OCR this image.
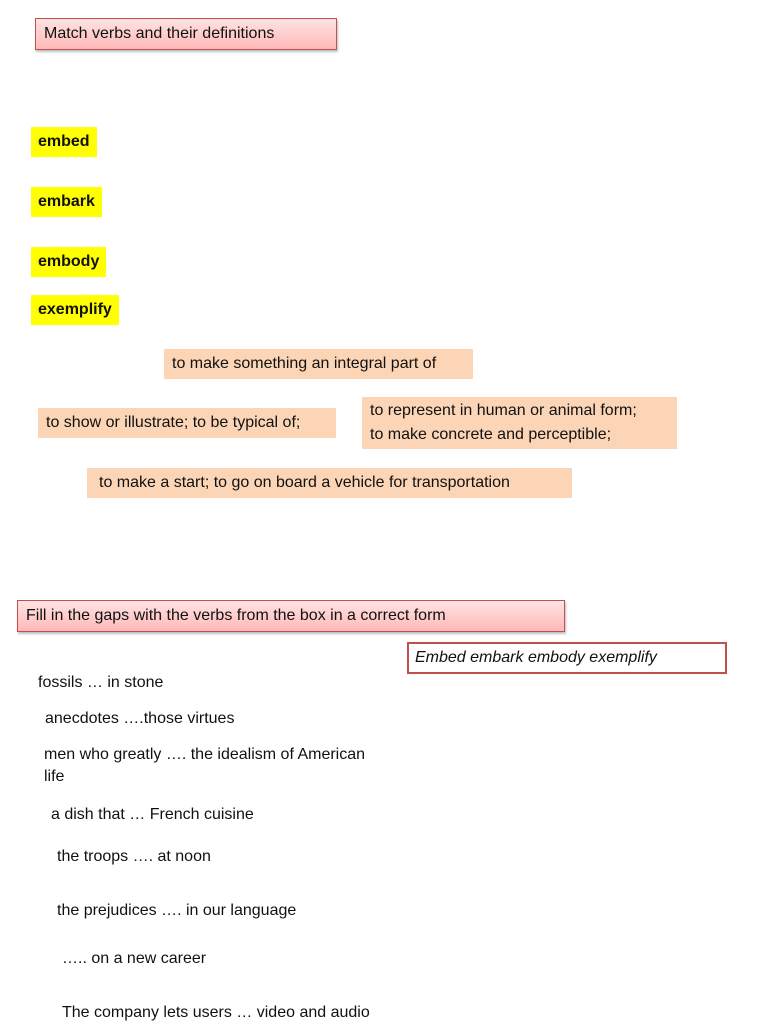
Match verbs and their definitions
embed
embark
embody
exemplify
to make something an integral part of
to show or illustrate; to be typical of;
to represent in human or animal form;
to make concrete and perceptible;
to make a start; to go on board a vehicle for transportation
Fill in the gaps with the verbs from the box in a correct form
Embed embark embody exemplify
fossils … in stone
anecdotes ….those virtues
men who greatly …. the idealism of American
life
a dish that … French cuisine
the troops …. at noon
the prejudices …. in our language
….. on a new career
The company lets users … video and audio
